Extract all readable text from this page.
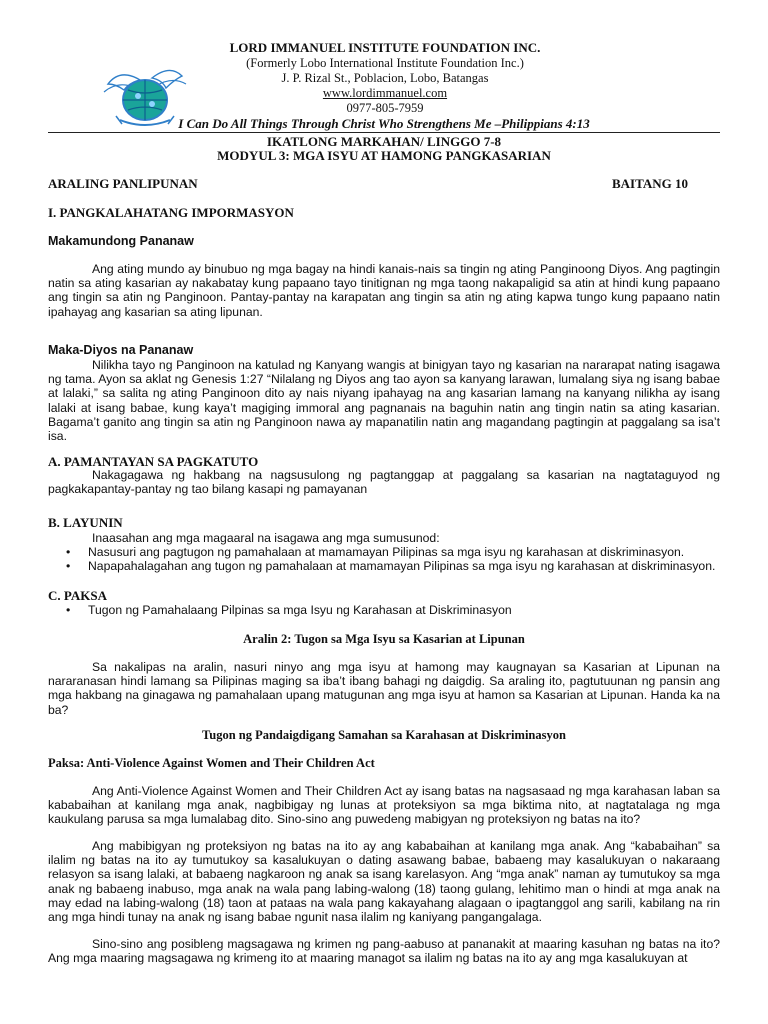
LORD IMMANUEL INSTITUTE FOUNDATION INC.
(Formerly Lobo International Institute Foundation Inc.)
J. P. Rizal St., Poblacion, Lobo, Batangas
www.lordimmanuel.com
0977-805-7959
I Can Do All Things Through Christ Who Strengthens Me –Philippians 4:13
IKATLONG MARKAHAN/ LINGGO 7-8
MODYUL 3: MGA ISYU AT HAMONG PANGKASARIAN
ARALING PANLIPUNAN	BAITANG 10
I. PANGKALAHATANG IMPORMASYON
Makamundong Pananaw

Ang ating mundo ay binubuo ng mga bagay na hindi kanais-nais sa tingin ng ating Panginoong Diyos. Ang pagtingin natin sa ating kasarian ay nakabatay kung papaano tayo tinitignan ng mga taong nakapaligid sa atin at hindi kung papaano ang tingin sa atin ng Panginoon. Pantay-pantay na karapatan ang tingin sa atin ng ating kapwa tungo kung papaano natin ipahayag ang kasarian sa ating lipunan.

Maka-Diyos na Pananaw

Nilikha tayo ng Panginoon na katulad ng Kanyang wangis at binigyan tayo ng kasarian na nararapat nating isagawa ng tama. Ayon sa aklat ng Genesis 1:27 “Nilalang ng Diyos ang tao ayon sa kanyang larawan, lumalang siya ng isang babae at lalaki,” sa salita ng ating Panginoon dito ay nais niyang ipahayag na ang kasarian lamang na kanyang nilikha ay isang lalaki at isang babae, kung kaya’t magiging immoral ang pagnanais na baguhin natin ang tingin natin sa ating kasarian. Bagama’t ganito ang tingin sa atin ng Panginoon nawa ay mapanatilin natin ang magandang pagtingin at paggalang sa isa’t isa.

A. PAMANTAYAN SA PAGKATUTO

Nakagagawa ng hakbang na nagsusulong ng pagtanggap at paggalang sa kasarian na nagtataguyod ng pagkakapantay-pantay ng tao bilang kasapi ng pamayanan

B. LAYUNIN
Inaasahan ang mga magaaral na isagawa ang mga sumusunod:
• Nasusuri ang pagtugon ng pamahalaan at mamamayan Pilipinas sa mga isyu ng karahasan at diskriminasyon.
• Napapahalagahan ang tugon ng pamahalaan at mamamayan Pilipinas sa mga isyu ng karahasan at diskriminasyon.
C. PAKSA
• Tugon ng Pamahalaang Pilpinas sa mga Isyu ng Karahasan at Diskriminasyon
Aralin 2: Tugon sa Mga Isyu sa Kasarian at Lipunan

Sa nakalipas na aralin, nasuri ninyo ang mga isyu at hamong may kaugnayan sa Kasarian at Lipunan na nararanasan hindi lamang sa Pilipinas maging sa iba’t ibang bahagi ng daigdig. Sa araling ito, pagtutuunan ng pansin ang mga hakbang na ginagawa ng pamahalaan upang matugunan ang mga isyu at hamon sa Kasarian at Lipunan. Handa ka na ba?

Tugon ng Pandaigdigang Samahan sa Karahasan at Diskriminasyon
Paksa: Anti-Violence Against Women and Their Children Act

Ang Anti-Violence Against Women and Their Children Act ay isang batas na nagsasaad ng mga karahasan laban sa kababaihan at kanilang mga anak, nagbibigay ng lunas at proteksiyon sa mga biktima nito, at nagtatalaga ng mga kaukulang parusa sa mga lumalabag dito. Sino-sino ang puwedeng mabigyan ng proteksiyon ng batas na ito?

Ang mabibigyan ng proteksiyon ng batas na ito ay ang kababaihan at kanilang mga anak. Ang “kababaihan” sa ilalim ng batas na ito ay tumutukoy sa kasalukuyan o dating asawang babae, babaeng may kasalukuyan o nakaraang relasyon sa isang lalaki, at babaeng nagkaroon ng anak sa isang karelasyon. Ang “mga anak” naman ay tumutukoy sa mga anak ng babaeng inabuso, mga anak na wala pang labing-walong (18) taong gulang, lehitimo man o hindi at mga anak na may edad na labing-walong (18) taon at pataas na wala pang kakayahang alagaan o ipagtanggol ang sarili, kabilang na rin ang mga hindi tunay na anak ng isang babae ngunit nasa ilalim ng kaniyang pangangalaga.

Sino-sino ang posibleng magsagawa ng krimen ng pang-aabuso at pananakit at maaring kasuhan ng batas na ito? Ang mga maaring magsagawa ng krimeng ito at maaring managot sa ilalim ng batas na ito ay ang mga kasalukuyan at
